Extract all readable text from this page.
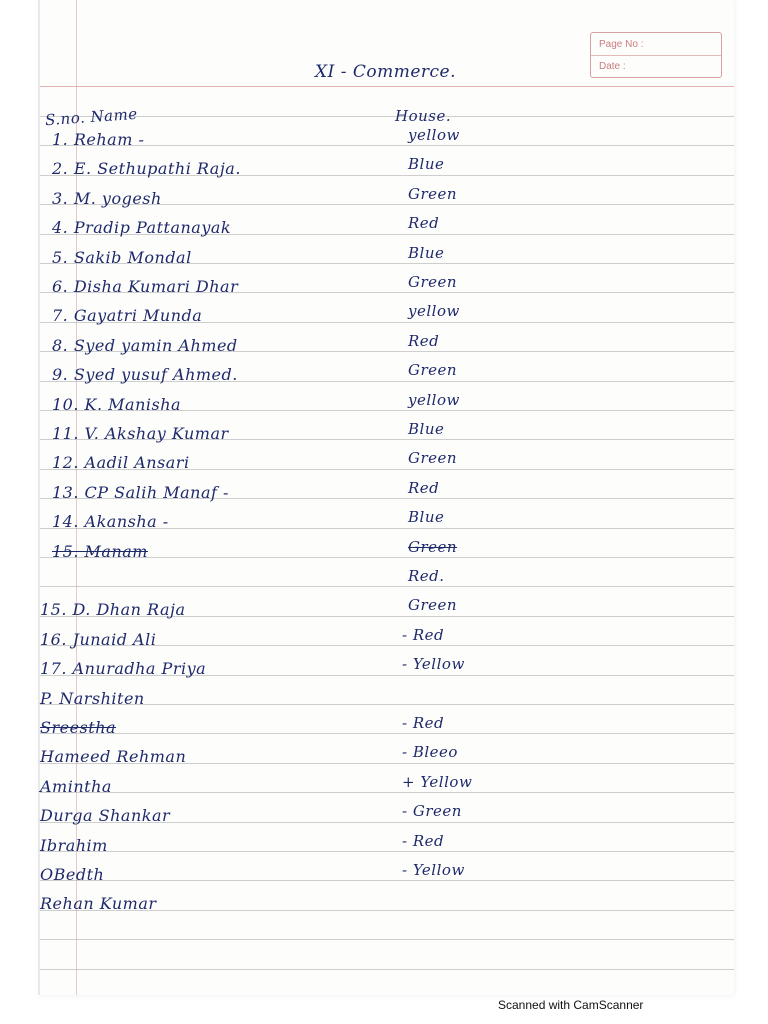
Page No :
Date :
XI - Commerce.
S.no. Name	House.
1. Reham -	yellow
2. E. Sethupathi Raja.	Blue
3. M. yogesh	Green
4. Pradip Pattanayak	Red
5. Sakib Mondal	Blue
6. Disha Kumari Dhar	Green
7. Gayatri Munda	yellow
8. Syed yamin Ahmed	Red
9. Syed yusuf Ahmed.	Green
10. K. Manisha	yellow
11. V. Akshay Kumar	Blue
12. Aadil Ansari	Green
13. CP Salih Manaf -	Red
14. Akansha -	Blue
15. Manam	Green
Red.
15. D. Dhan Raja	Green
16. Junaid Ali	- Red
17. Anuradha Priya	- Yellow
P. Narshiten
Sreestha	- Red
Hameed Rehman	- Bleeo
Amintha	+ Yellow
Durga Shankar	- Green
Ibrahim	- Red
OBedth	- Yellow
Rehan Kumar
Scanned with CamScanner
